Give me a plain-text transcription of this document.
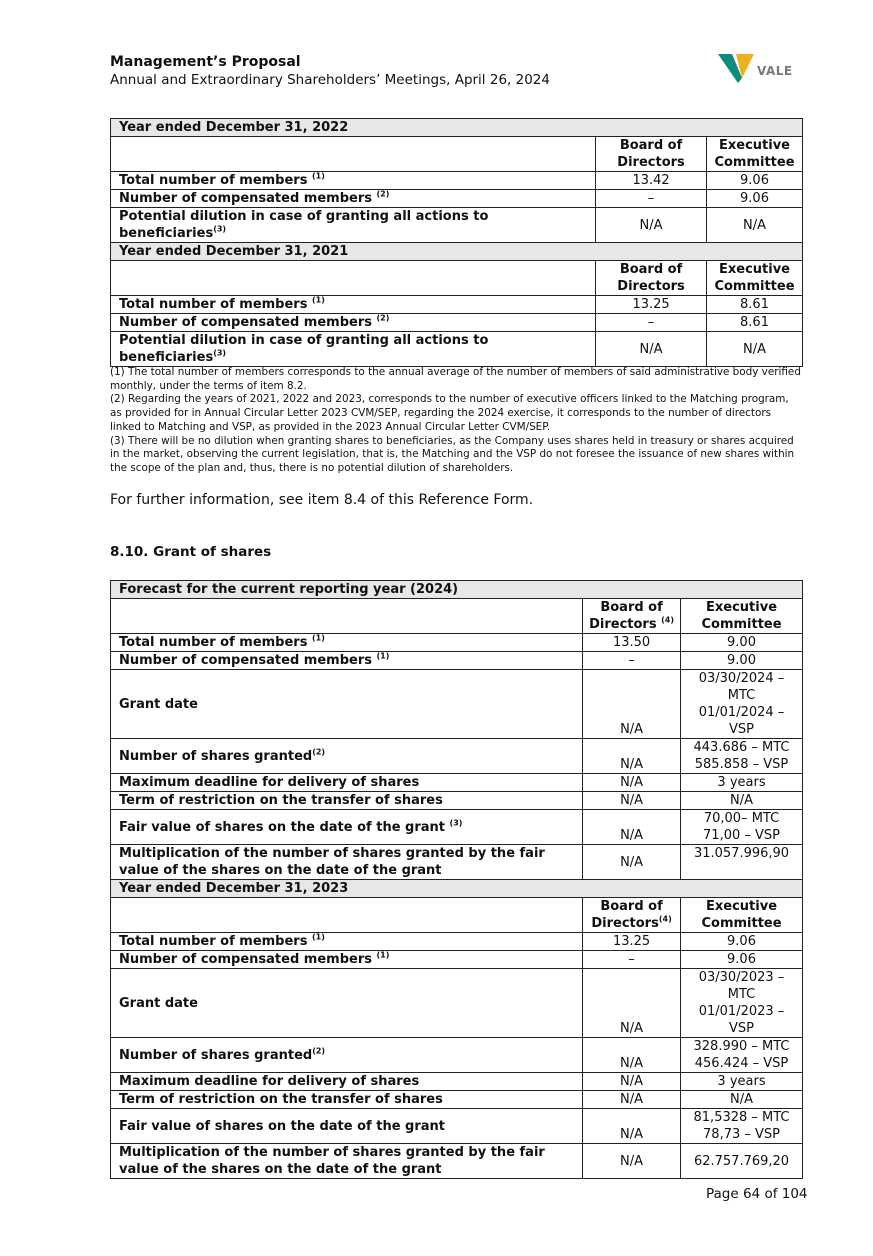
Management’s Proposal
Annual and Extraordinary Shareholders’ Meetings, April 26, 2024
VALE
Year ended December 31, 2022		
	Board of Directors	Executive Committee
Total number of members $^{(1)}$	13.42	9.06
Number of compensated members $^{(2)}$	–	9.06
Potential dilution in case of granting all actions to beneficiaries$^{(3)}$	N/A	N/A
Year ended December 31, 2021		
	Board of Directors	Executive Committee
Total number of members $^{(1)}$	13.25	8.61
Number of compensated members $^{(2)}$	–	8.61
Potential dilution in case of granting all actions to beneficiaries$^{(3)}$	N/A	N/A

(1) The total number of members corresponds to the annual average of the number of members of said administrative body verified monthly, under the terms of item 8.2.

(2) Regarding the years of 2021, 2022 and 2023, corresponds to the number of executive officers linked to the Matching program, as provided for in Annual Circular Letter 2023 CVM/SEP, regarding the 2024 exercise, it corresponds to the number of directors linked to Matching and VSP, as provided in the 2023 Annual Circular Letter CVM/SEP.

(3) There will be no dilution when granting shares to beneficiaries, as the Company uses shares held in treasury or shares acquired in the market, observing the current legislation, that is, the Matching and the VSP do not foresee the issuance of new shares within the scope of the plan and, thus, there is no potential dilution of shareholders.

For further information, see item 8.4 of this Reference Form.
8.10. Grant of shares
Forecast for the current reporting year (2024)		
	Board of Directors $^{(4)}$	Executive Committee
Total number of members $^{(1)}$	13.50	9.00
Number of compensated members $^{(1)}$	–	9.00
Grant date	N/A	03/30/2024 –
MTC
01/01/2024 – VSP

Number of shares granted$^{(2)}$	N/A	443.686 – MTC
585.858 – VSP

Maximum deadline for delivery of shares	N/A	3 years
Term of restriction on the transfer of shares	N/A	N/A
Fair value of shares on the date of the grant $^{(3)}$	N/A	70,00– MTC
71,00 – VSP

Multiplication of the number of shares granted by the fair value of the shares on the date of the grant	N/A	31.057.996,90
Year ended December 31, 2023		
	Board of Directors$^{(4)}$	Executive Committee
Total number of members $^{(1)}$	13.25	9.06
Number of compensated members $^{(1)}$	–	9.06
Grant date	N/A	03/30/2023 –
MTC
01/01/2023 – VSP

Number of shares granted$^{(2)}$	N/A	328.990 – MTC
456.424 – VSP

Maximum deadline for delivery of shares	N/A	3 years
Term of restriction on the transfer of shares	N/A	N/A
Fair value of shares on the date of the grant	N/A	81,5328 – MTC
78,73 – VSP

Multiplication of the number of shares granted by the fair value of the shares on the date of the grant	N/A	62.757.769,20
Page 64 of 104
